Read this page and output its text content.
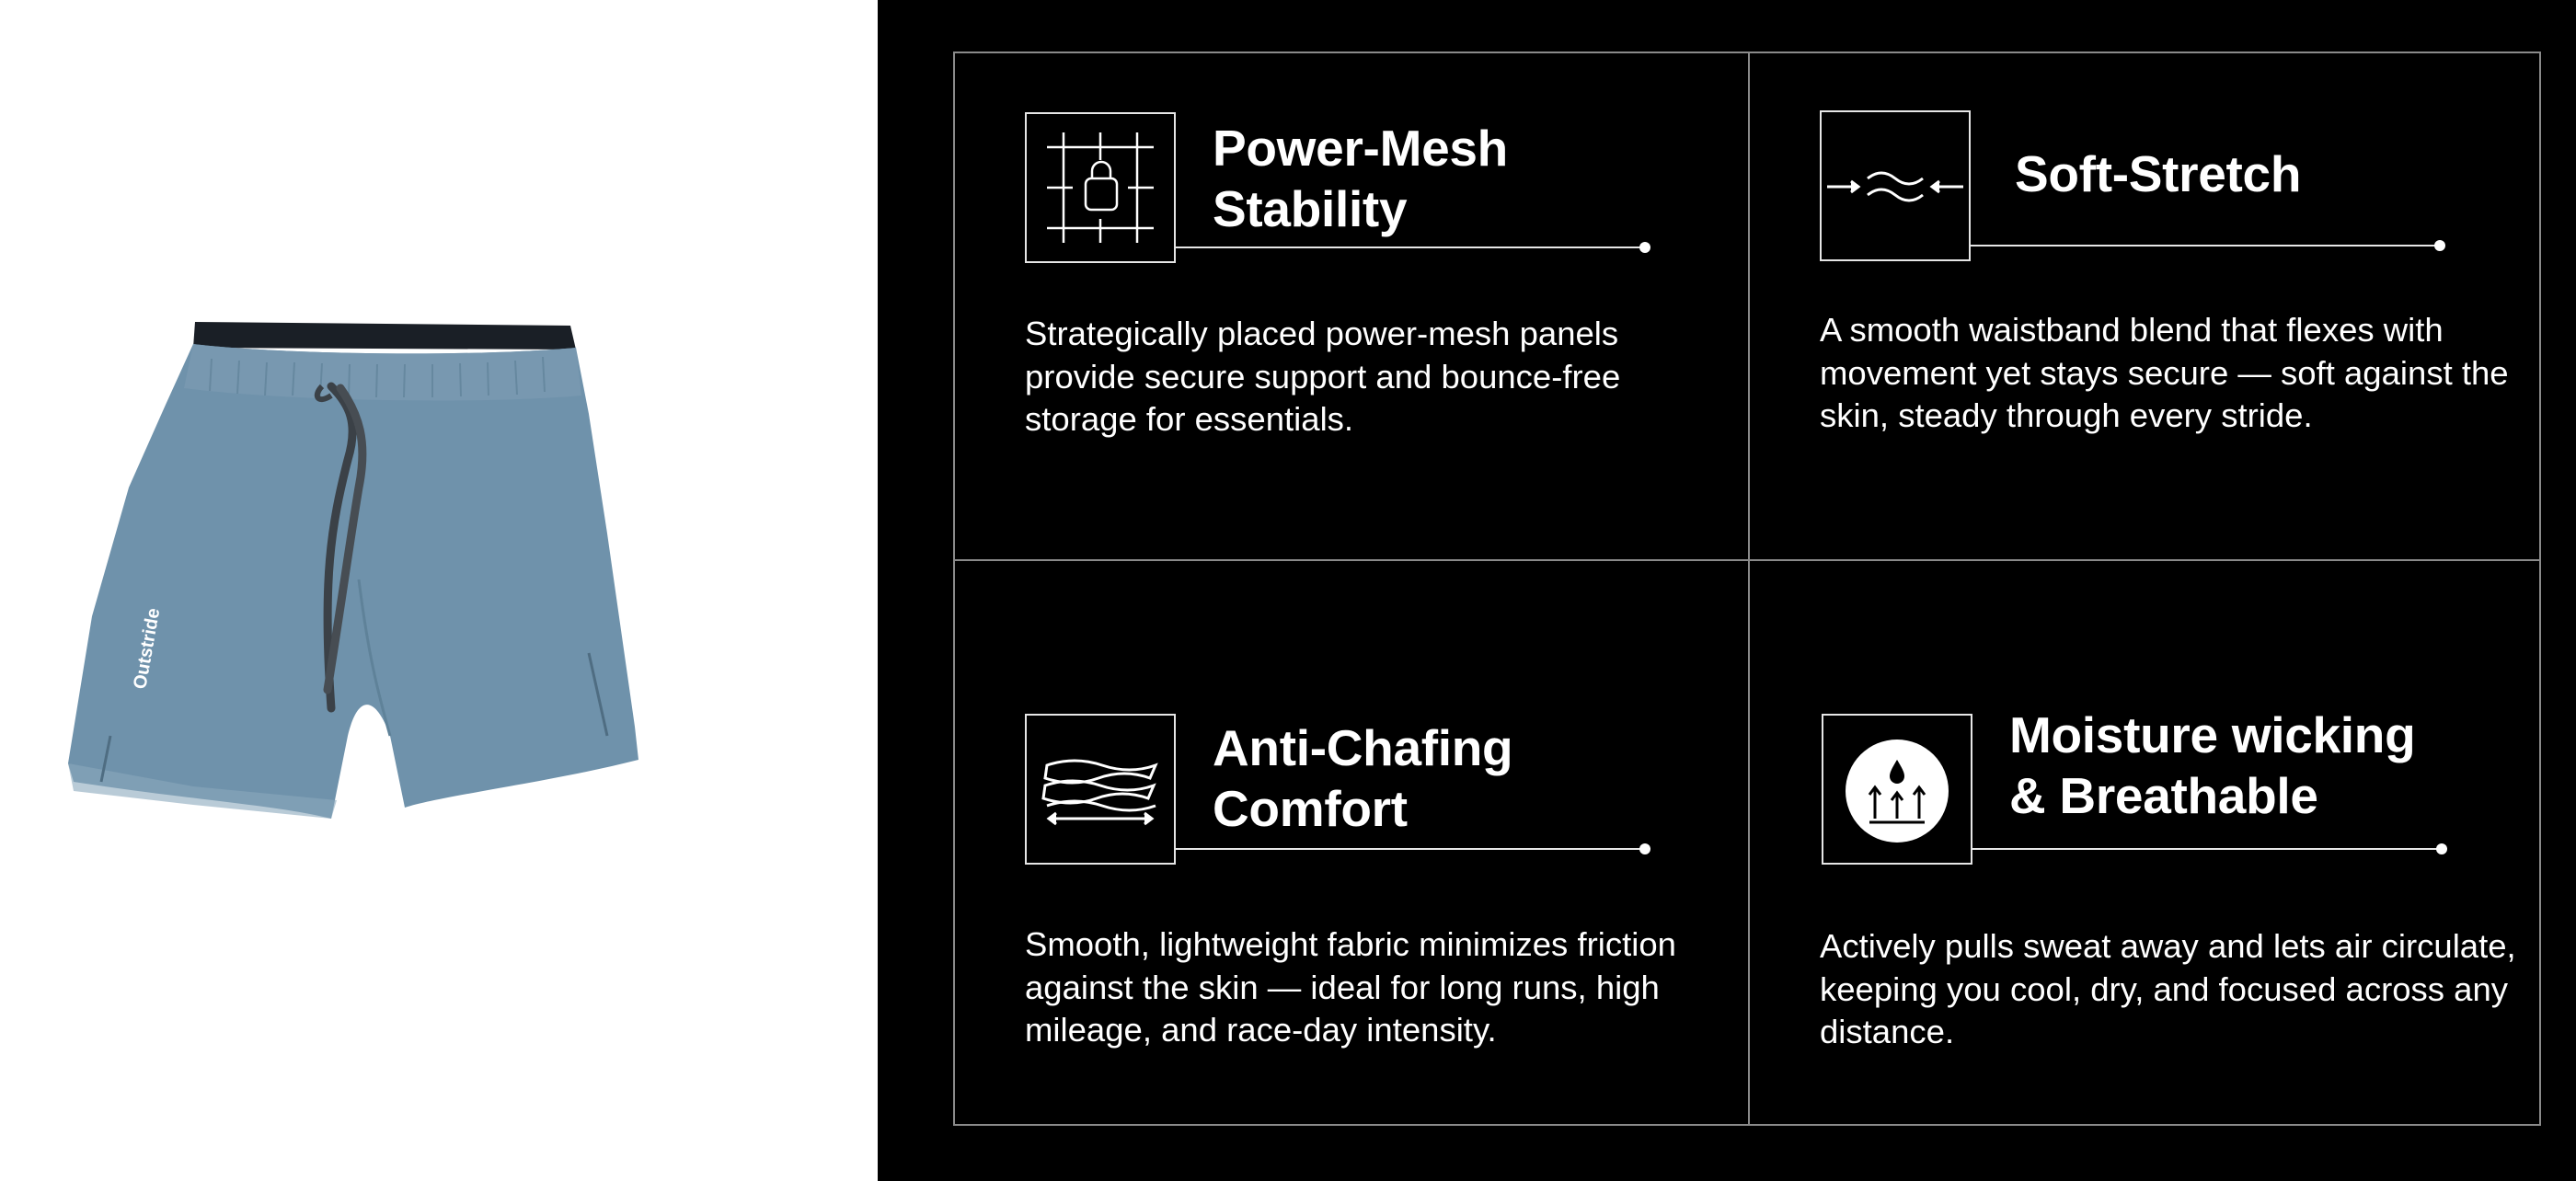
Outstride
Power-Mesh
Stability
Strategically placed power-mesh panels provide secure support and bounce-free storage for essentials.
Soft-Stretch
A smooth waistband blend that flexes with movement yet stays secure — soft against the skin, steady through every stride.
Anti-Chafing
Comfort
Smooth, lightweight fabric minimizes friction against the skin — ideal for long runs, high mileage, and race-day intensity.
Moisture wicking
& Breathable
Actively pulls sweat away and lets air circulate, keeping you cool, dry, and focused across any distance.
